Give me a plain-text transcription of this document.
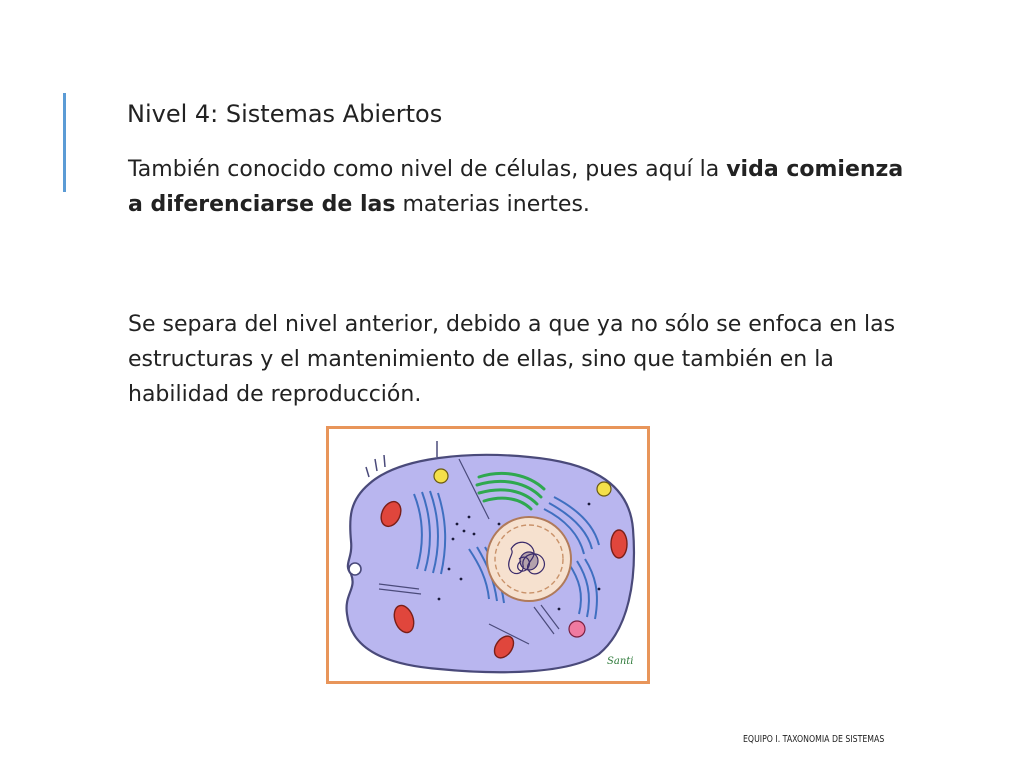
Nivel 4: Sistemas Abiertos

También conocido como nivel de células, pues aquí la vida comienza a diferenciarse de las materias inertes.

Se separa del nivel anterior, debido a que ya no sólo se enfoca en las estructuras y el mantenimiento de ellas, sino que también en la habilidad de reproducción.

Santi
EQUIPO I. TAXONOMIA DE SISTEMAS
